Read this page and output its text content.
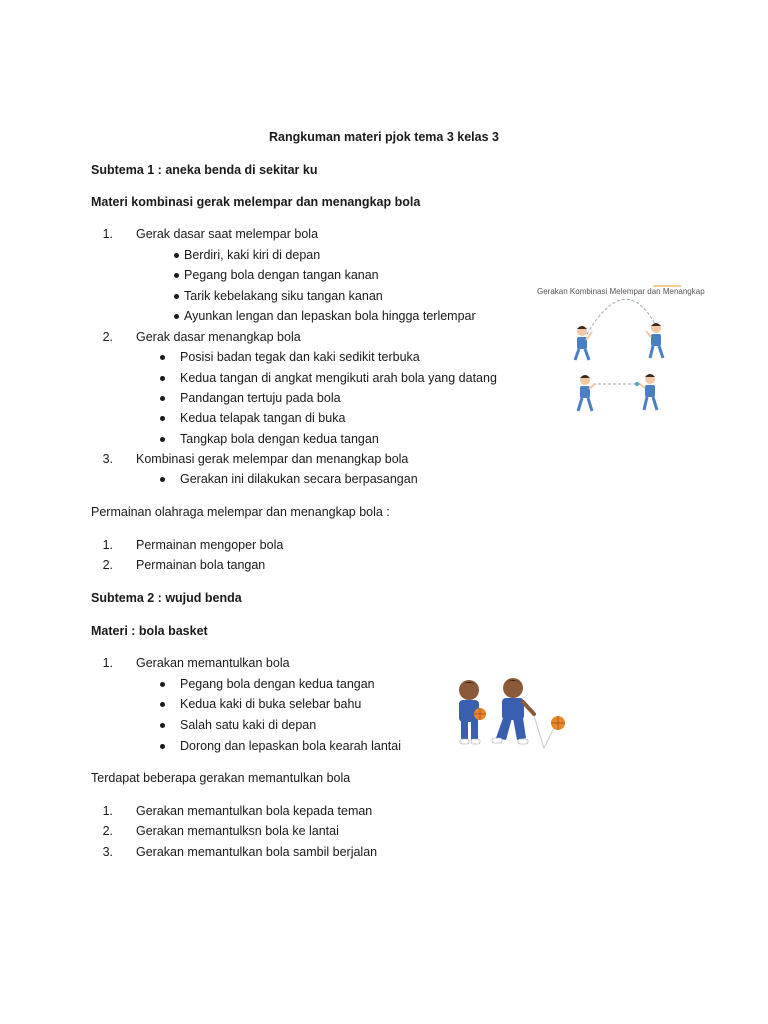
Rangkuman materi pjok tema 3 kelas 3
Subtema 1 : aneka benda di sekitar ku
Materi kombinasi gerak melempar dan menangkap bola
1. Gerak dasar saat melempar bola
Berdiri, kaki kiri di depan
Pegang bola dengan tangan kanan
Tarik kebelakang siku tangan kanan
Ayunkan lengan dan lepaskan bola hingga terlempar
2. Gerak dasar menangkap bola
Posisi badan tegak dan kaki sedikit terbuka
Kedua tangan di angkat mengikuti arah bola yang datang
Pandangan tertuju pada bola
Kedua telapak tangan di buka
Tangkap bola dengan kedua tangan
3. Kombinasi gerak melempar dan menangkap bola
Gerakan ini dilakukan secara berpasangan
Gerakan Kombinasi Melempar dan Menangkap
Permainan olahraga melempar dan menangkap bola :
1. Permainan mengoper bola
2. Permainan bola tangan
Subtema 2 : wujud benda
Materi : bola basket
1. Gerakan memantulkan bola
Pegang bola dengan kedua tangan
Kedua kaki di buka selebar bahu
Salah satu kaki di depan
Dorong dan lepaskan bola kearah lantai
Terdapat beberapa gerakan memantulkan bola
1. Gerakan memantulkan bola kepada teman
2. Gerakan memantulksn bola ke lantai
3. Gerakan memantulkan bola sambil berjalan
